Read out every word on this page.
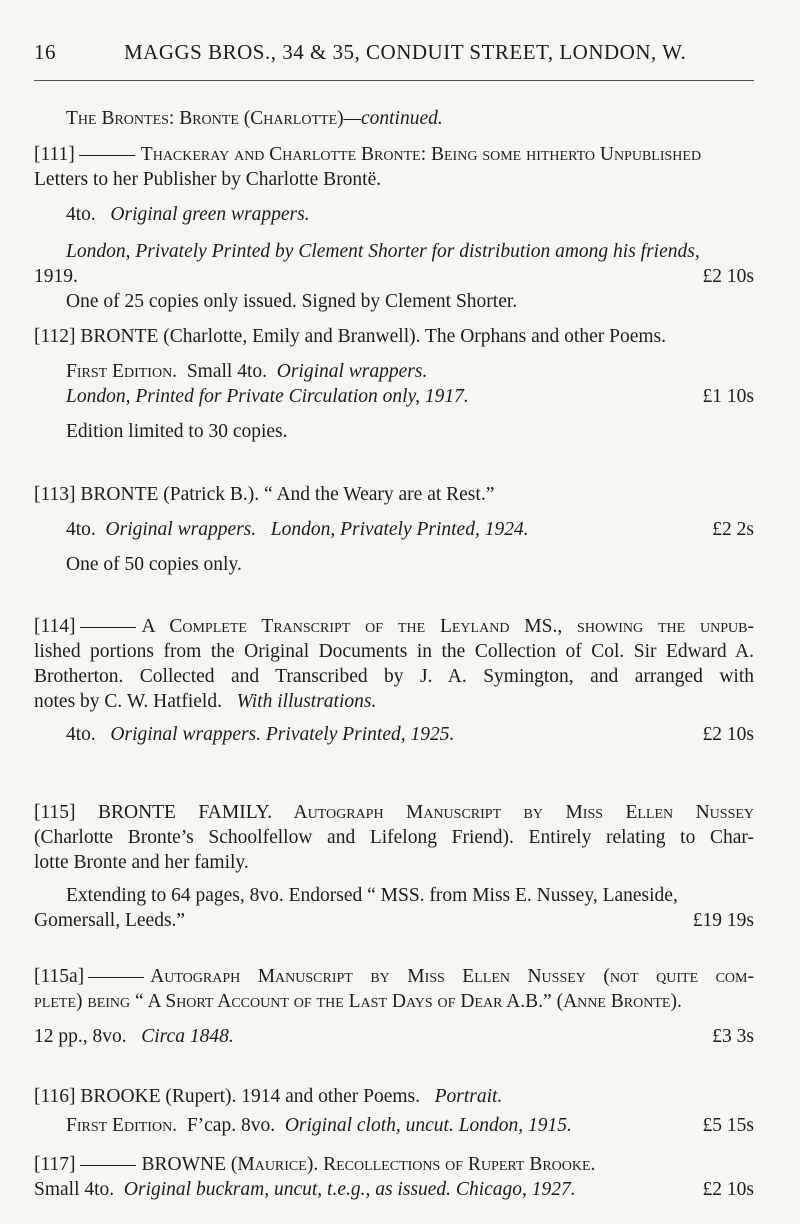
16	MAGGS BROS., 34 & 35, CONDUIT STREET, LONDON, W.
The Brontes: Bronte (Charlotte)—continued.
[111]	Thackeray and Charlotte Bronte: Being some hitherto Unpublished
Letters to her Publisher by Charlotte Brontë.
4to. Original green wrappers.
London, Privately Printed by Clement Shorter for distribution among his friends,
1919.	£2 10s
One of 25 copies only issued. Signed by Clement Shorter.
[112] BRONTE (Charlotte, Emily and Branwell). The Orphans and other Poems.
First Edition. Small 4to. Original wrappers.
London, Printed for Private Circulation only, 1917.	£1 10s
Edition limited to 30 copies.
[113] BRONTE (Patrick B.). “ And the Weary are at Rest.”
4to. Original wrappers. London, Privately Printed, 1924.	£2 2s
One of 50 copies only.
[114]	A Complete Transcript of the Leyland MS., showing the unpub-
lished portions from the Original Documents in the Collection of Col. Sir Edward A.
Brotherton. Collected and Transcribed by J. A. Symington, and arranged with
notes by C. W. Hatfield. With illustrations.
4to. Original wrappers. Privately Printed, 1925.	£2 10s
[115] BRONTE FAMILY. Autograph Manuscript by Miss Ellen Nussey
(Charlotte Bronte’s Schoolfellow and Lifelong Friend). Entirely relating to Char-
lotte Bronte and her family.
Extending to 64 pages, 8vo. Endorsed “ MSS. from Miss E. Nussey, Laneside,
Gomersall, Leeds.”	£19 19s
[115a]	Autograph Manuscript by Miss Ellen Nussey (not quite com-
plete) being “ A Short Account of the Last Days of Dear A.B.” (Anne Bronte).
12 pp., 8vo. Circa 1848.	£3 3s
[116] BROOKE (Rupert). 1914 and other Poems. Portrait.
First Edition. F’cap. 8vo. Original cloth, uncut. London, 1915.	£5 15s
[117]	BROWNE (Maurice). Recollections of Rupert Brooke.
Small 4to. Original buckram, uncut, t.e.g., as issued. Chicago, 1927.	£2 10s
